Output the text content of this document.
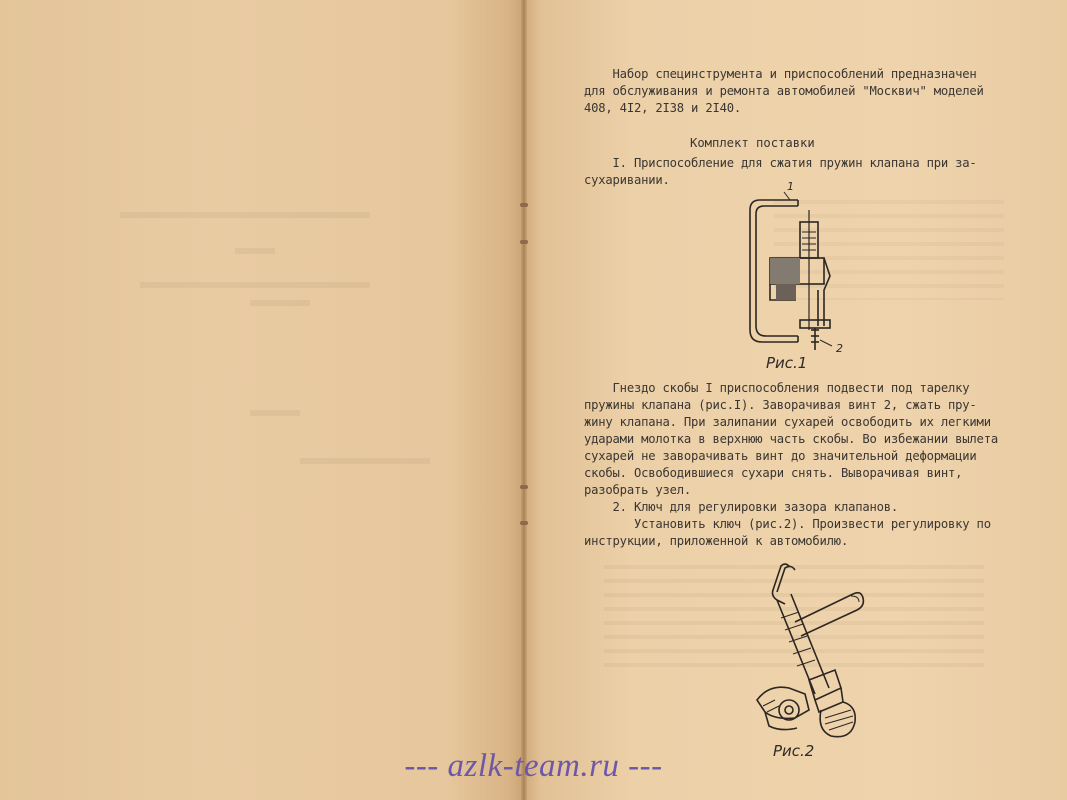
Набор специнструмента и приспособлений предназначен
для обслуживания и ремонта автомобилей "Москвич" моделей
408, 4I2, 2I38 и 2I40.
Комплект поставки
I. Приспособление для сжатия пружин клапана при за-
сухаривании.	1
2
Рис.1
Гнездо скобы I приспособления подвести под тарелку
пружины клапана (рис.I). Заворачивая винт 2, сжать пру-
жину клапана. При залипании сухарей освободить их легкими
ударами молотка в верхнюю часть скобы. Во избежании вылета
сухарей не заворачивать винт до значительной деформации
скобы. Освободившиеся сухари снять. Выворачивая винт,
разобрать узел.
2. Ключ для регулировки зазора клапанов.
Установить ключ (рис.2). Произвести регулировку по
инструкции, приложенной к автомобилю.
Рис.2
--- azlk-team.ru ---
